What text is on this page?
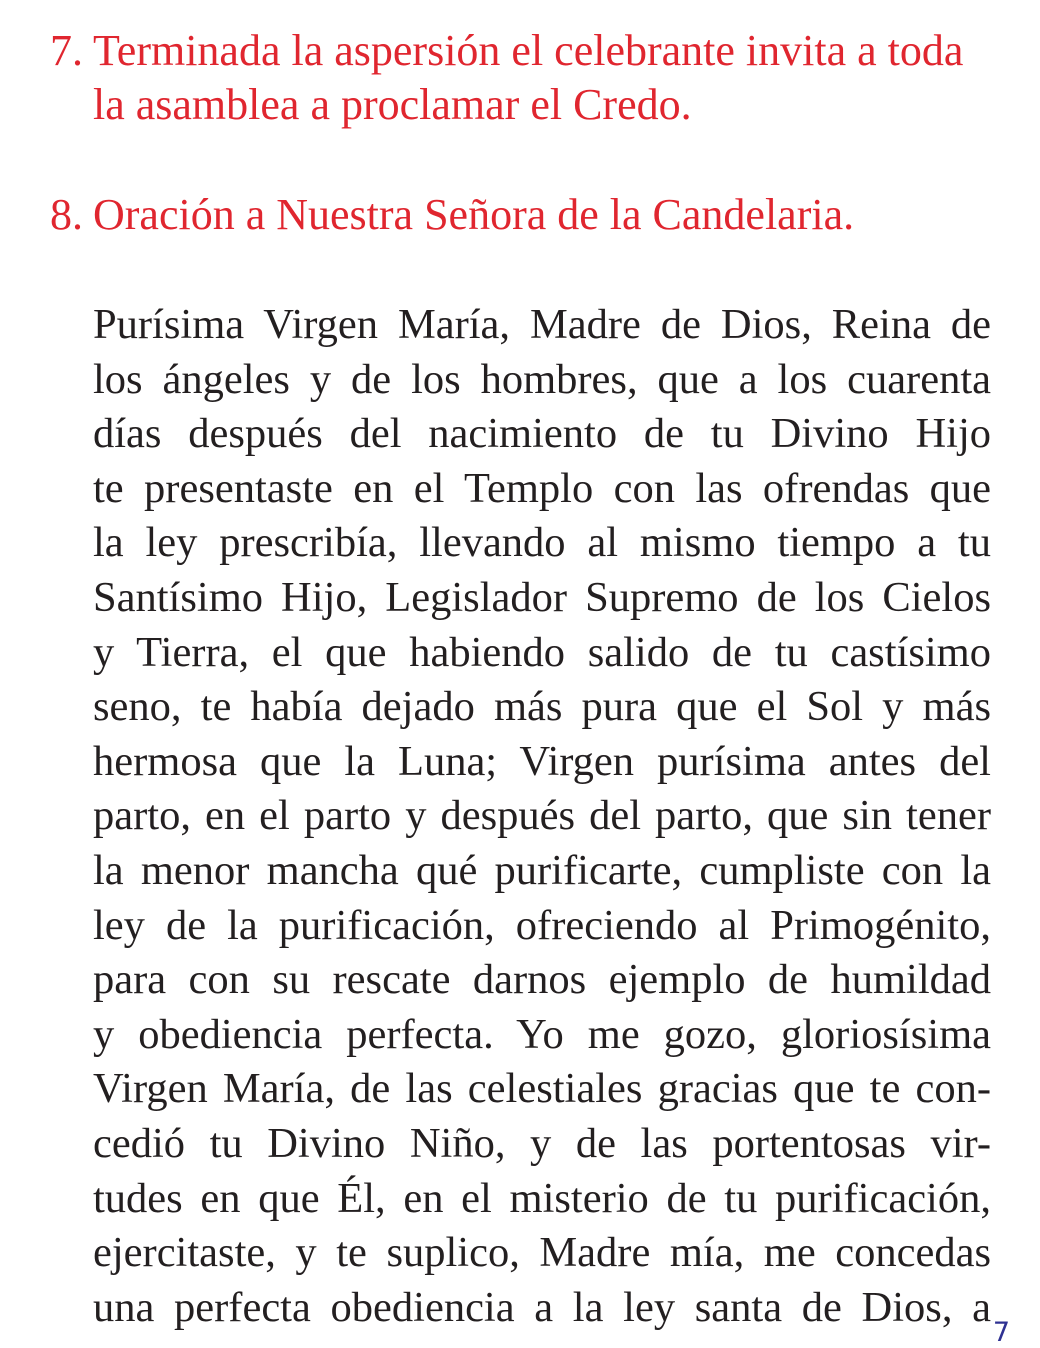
7. Terminada la aspersión el celebrante invita a toda
la asamblea a proclamar el Credo.
8. Oración a Nuestra Señora de la Candelaria.
Purísima Virgen María, Madre de Dios, Reina de
los ángeles y de los hombres, que a los cuarenta
días después del nacimiento de tu Divino Hijo
te presentaste en el Templo con las ofrendas que
la ley prescribía, llevando al mismo tiempo a tu
Santísimo Hijo, Legislador Supremo de los Cielos
y Tierra, el que habiendo salido de tu castísimo
seno, te había dejado más pura que el Sol y más
hermosa que la Luna; Virgen purísima antes del
parto, en el parto y después del parto, que sin tener
la menor mancha qué purificarte, cumpliste con la
ley de la purificación, ofreciendo al Primogénito,
para con su rescate darnos ejemplo de humildad
y obediencia perfecta. Yo me gozo, gloriosísima
Virgen María, de las celestiales gracias que te con-
cedió tu Divino Niño, y de las portentosas vir-
tudes en que Él, en el misterio de tu purificación,
ejercitaste, y te suplico, Madre mía, me concedas
una perfecta obediencia a la ley santa de Dios, a
7
